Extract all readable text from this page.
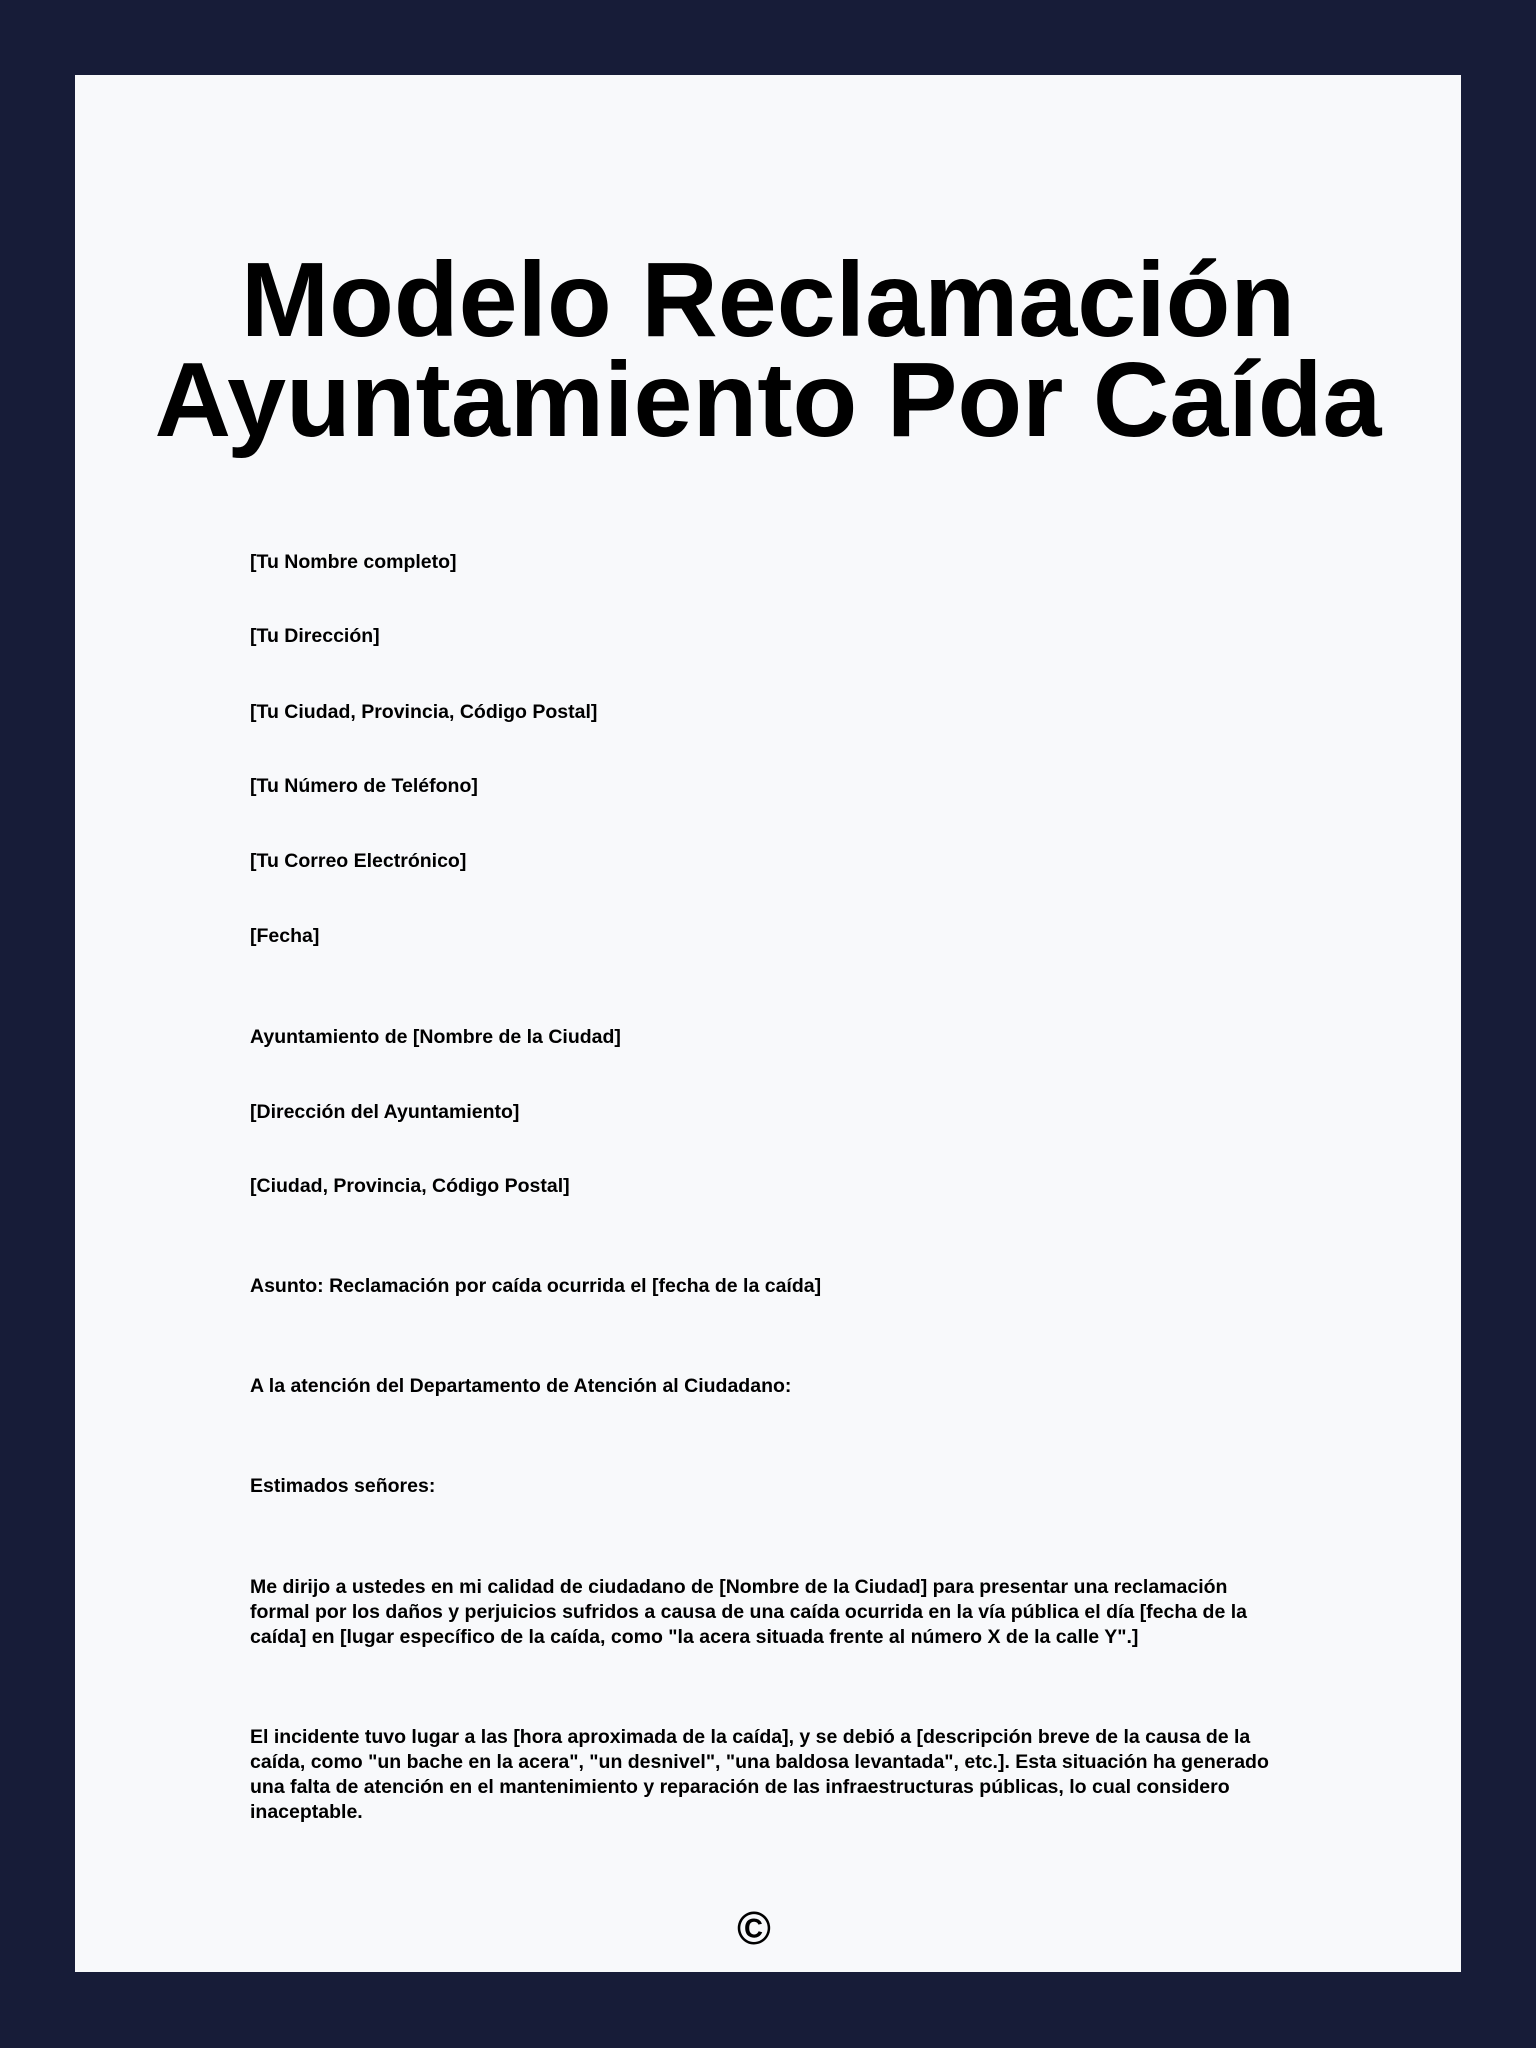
Modelo Reclamación Ayuntamiento Por Caída

[Tu Nombre completo]

[Tu Dirección]

[Tu Ciudad, Provincia, Código Postal]

[Tu Número de Teléfono]

[Tu Correo Electrónico]

[Fecha]

Ayuntamiento de [Nombre de la Ciudad]

[Dirección del Ayuntamiento]

[Ciudad, Provincia, Código Postal]

Asunto: Reclamación por caída ocurrida el [fecha de la caída]

A la atención del Departamento de Atención al Ciudadano:

Estimados señores:

Me dirijo a ustedes en mi calidad de ciudadano de [Nombre de la Ciudad] para presentar una reclamación formal por los daños y perjuicios sufridos a causa de una caída ocurrida en la vía pública el día [fecha de la caída] en [lugar específico de la caída, como "la acera situada frente al número X de la calle Y".]

El incidente tuvo lugar a las [hora aproximada de la caída], y se debió a [descripción breve de la causa de la caída, como "un bache en la acera", "un desnivel", "una baldosa levantada", etc.]. Esta situación ha generado una falta de atención en el mantenimiento y reparación de las infraestructuras públicas, lo cual considero inaceptable.

©
